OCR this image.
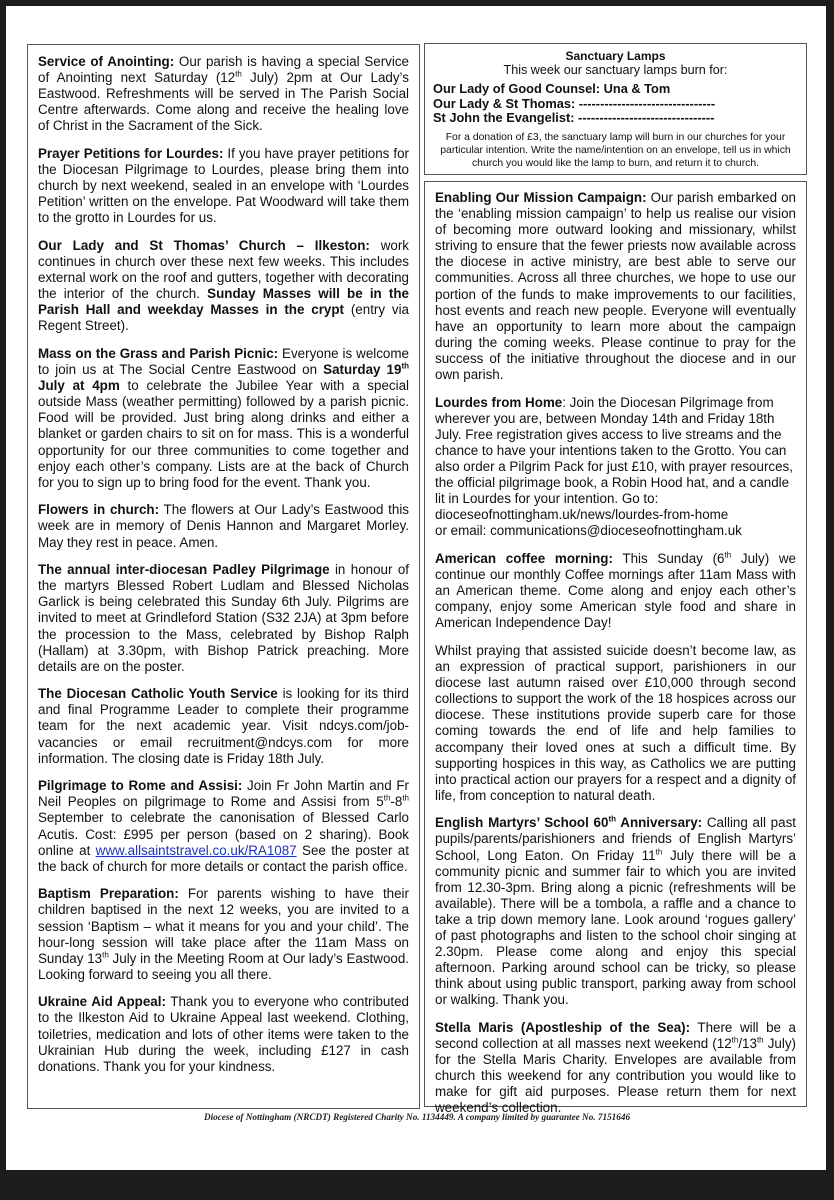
Service of Anointing: Our parish is having a special Service of Anointing next Saturday (12th July) 2pm at Our Lady’s Eastwood. Refreshments will be served in The Parish Social Centre afterwards. Come along and receive the healing love of Christ in the Sacrament of the Sick.

Prayer Petitions for Lourdes: If you have prayer petitions for the Diocesan Pilgrimage to Lourdes, please bring them into church by next weekend, sealed in an envelope with ‘Lourdes Petition’ written on the envelope. Pat Woodward will take them to the grotto in Lourdes for us.

Our Lady and St Thomas’ Church – Ilkeston: work continues in church over these next few weeks. This includes external work on the roof and gutters, together with decorating the interior of the church. Sunday Masses will be in the Parish Hall and weekday Masses in the crypt (entry via Regent Street).

Mass on the Grass and Parish Picnic: Everyone is welcome to join us at The Social Centre Eastwood on Saturday 19th July at 4pm to celebrate the Jubilee Year with a special outside Mass (weather permitting) followed by a parish picnic. Food will be provided. Just bring along drinks and either a blanket or garden chairs to sit on for mass. This is a wonderful opportunity for our three communities to come together and enjoy each other’s company. Lists are at the back of Church for you to sign up to bring food for the event. Thank you.

Flowers in church: The flowers at Our Lady’s Eastwood this week are in memory of Denis Hannon and Margaret Morley. May they rest in peace. Amen.

The annual inter-diocesan Padley Pilgrimage in honour of the martyrs Blessed Robert Ludlam and Blessed Nicholas Garlick is being celebrated this Sunday 6th July. Pilgrims are invited to meet at Grindleford Station (S32 2JA) at 3pm before the procession to the Mass, celebrated by Bishop Ralph (Hallam) at 3.30pm, with Bishop Patrick preaching. More details are on the poster.

The Diocesan Catholic Youth Service is looking for its third and final Programme Leader to complete their programme team for the next academic year. Visit ndcys.com/job-vacancies or email recruitment@ndcys.com for more information. The closing date is Friday 18th July.

Pilgrimage to Rome and Assisi: Join Fr John Martin and Fr Neil Peoples on pilgrimage to Rome and Assisi from 5th-8th September to celebrate the canonisation of Blessed Carlo Acutis. Cost: £995 per person (based on 2 sharing). Book online at www.allsaintstravel.co.uk/RA1087 See the poster at the back of church for more details or contact the parish office.

Baptism Preparation: For parents wishing to have their children baptised in the next 12 weeks, you are invited to a session ‘Baptism – what it means for you and your child’. The hour-long session will take place after the 11am Mass on Sunday 13th July in the Meeting Room at Our lady’s Eastwood. Looking forward to seeing you all there.

Ukraine Aid Appeal: Thank you to everyone who contributed to the Ilkeston Aid to Ukraine Appeal last weekend. Clothing, toiletries, medication and lots of other items were taken to the Ukrainian Hub during the week, including £127 in cash donations. Thank you for your kindness.

Sanctuary Lamps
This week our sanctuary lamps burn for:
Our Lady of Good Counsel: Una & Tom
Our Lady & St Thomas: --------------------------------
St John the Evangelist: --------------------------------
For a donation of £3, the sanctuary lamp will burn in our churches for your particular intention. Write the name/intention on an envelope, tell us in which church you would like the lamp to burn, and return it to church.

Enabling Our Mission Campaign: Our parish embarked on the ‘enabling mission campaign’ to help us realise our vision of becoming more outward looking and missionary, whilst striving to ensure that the fewer priests now available across the diocese in active ministry, are best able to serve our communities. Across all three churches, we hope to use our portion of the funds to make improvements to our facilities, host events and reach new people. Everyone will eventually have an opportunity to learn more about the campaign during the coming weeks. Please continue to pray for the success of the initiative throughout the diocese and in our own parish.

Lourdes from Home: Join the Diocesan Pilgrimage from wherever you are, between Monday 14th and Friday 18th July. Free registration gives access to live streams and the chance to have your intentions taken to the Grotto. You can also order a Pilgrim Pack for just £10, with prayer resources, the official pilgrimage book, a Robin Hood hat, and a candle lit in Lourdes for your intention. Go to:
dioceseofnottingham.uk/news/lourdes-from-home
or email: communications@dioceseofnottingham.uk

American coffee morning: This Sunday (6th July) we continue our monthly Coffee mornings after 11am Mass with an American theme. Come along and enjoy each other’s company, enjoy some American style food and share in American Independence Day!

Whilst praying that assisted suicide doesn’t become law, as an expression of practical support, parishioners in our diocese last autumn raised over £10,000 through second collections to support the work of the 18 hospices across our diocese. These institutions provide superb care for those coming towards the end of life and help families to accompany their loved ones at such a difficult time. By supporting hospices in this way, as Catholics we are putting into practical action our prayers for a respect and a dignity of life, from conception to natural death.

English Martyrs’ School 60th Anniversary: Calling all past pupils/parents/parishioners and friends of English Martyrs’ School, Long Eaton. On Friday 11th July there will be a community picnic and summer fair to which you are invited from 12.30-3pm. Bring along a picnic (refreshments will be available). There will be a tombola, a raffle and a chance to take a trip down memory lane. Look around ‘rogues gallery’ of past photographs and listen to the school choir singing at 2.30pm. Please come along and enjoy this special afternoon. Parking around school can be tricky, so please think about using public transport, parking away from school or walking. Thank you.

Stella Maris (Apostleship of the Sea): There will be a second collection at all masses next weekend (12th/13th July) for the Stella Maris Charity. Envelopes are available from church this weekend for any contribution you would like to make for gift aid purposes. Please return them for next weekend’s collection.

Diocese of Nottingham (NRCDT) Registered Charity No. 1134449. A company limited by guarantee No. 7151646
